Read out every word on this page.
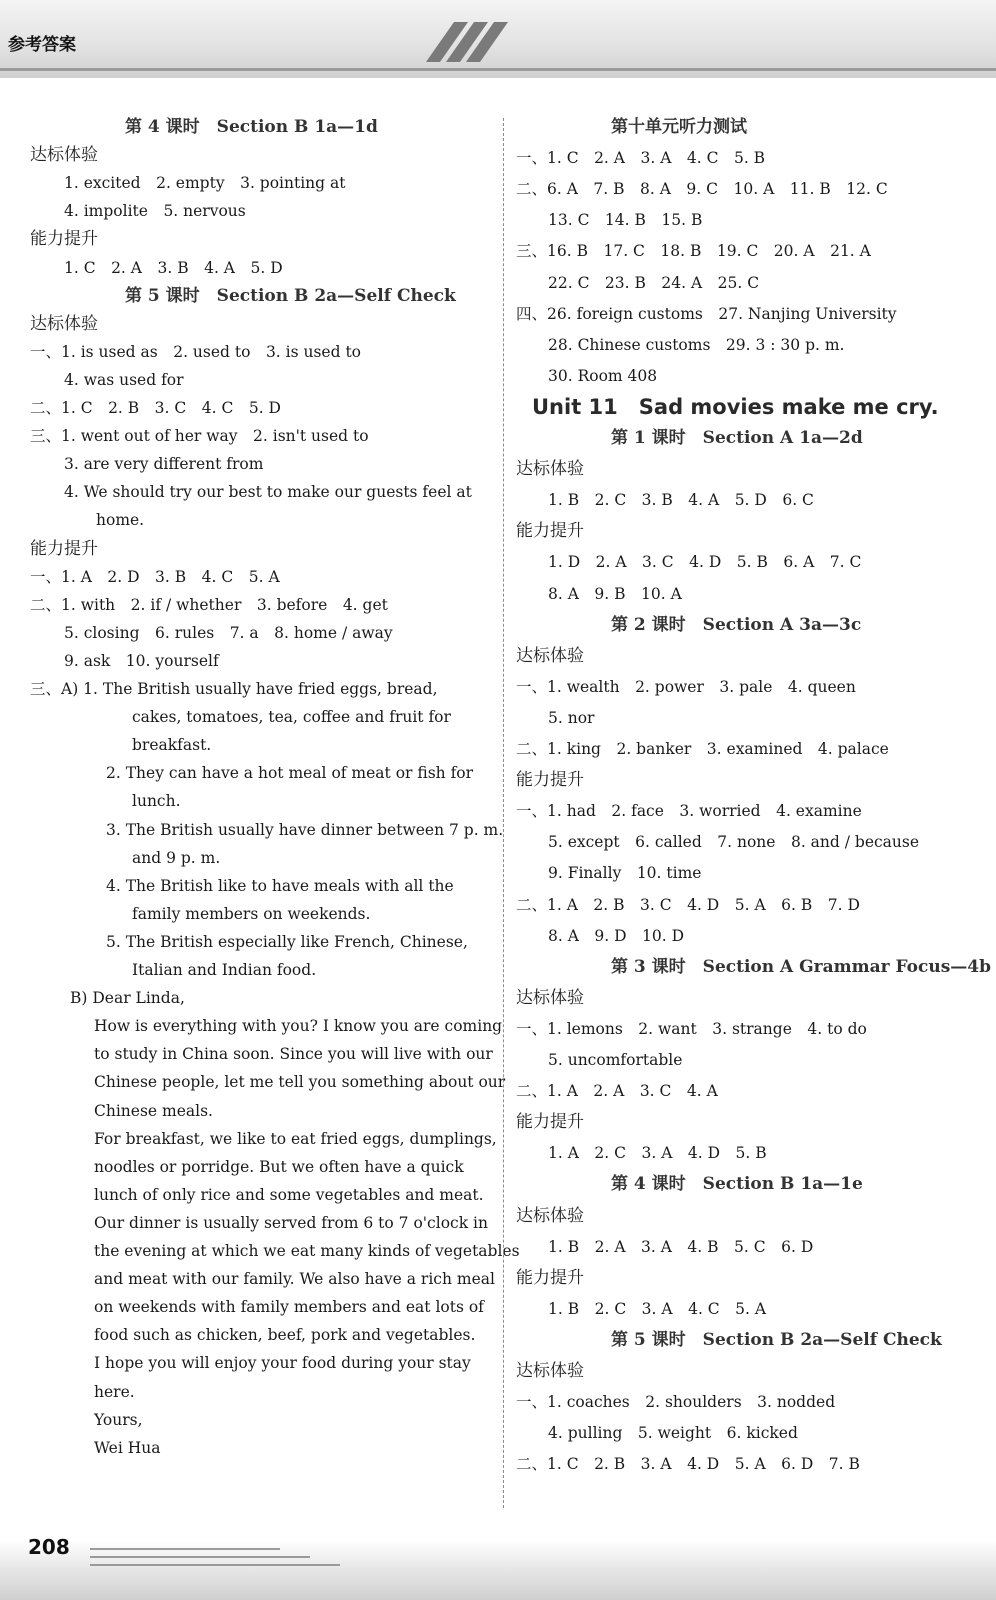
参考答案
第 4 课时　Section B 1a—1d
达标体验
1. excited　2. empty　3. pointing at
4. impolite　5. nervous
能力提升
1. C　2. A　3. B　4. A　5. D
第 5 课时　Section B 2a—Self Check
达标体验
一、1. is used as　2. used to　3. is used to
4. was used for
二、1. C　2. B　3. C　4. C　5. D
三、1. went out of her way　2. isn't used to
3. are very different from
4. We should try our best to make our guests feel at
home.
能力提升
一、1. A　2. D　3. B　4. C　5. A
二、1. with　2. if / whether　3. before　4. get
5. closing　6. rules　7. a　8. home / away
9. ask　10. yourself
三、A) 1. The British usually have fried eggs, bread,
cakes, tomatoes, tea, coffee and fruit for
breakfast.
2. They can have a hot meal of meat or fish for
lunch.
3. The British usually have dinner between 7 p. m.
and 9 p. m.
4. The British like to have meals with all the
family members on weekends.
5. The British especially like French, Chinese,
Italian and Indian food.
B) Dear Linda,
How is everything with you? I know you are coming
to study in China soon. Since you will live with our
Chinese people, let me tell you something about our
Chinese meals.
For breakfast, we like to eat fried eggs, dumplings,
noodles or porridge. But we often have a quick
lunch of only rice and some vegetables and meat.
Our dinner is usually served from 6 to 7 o'clock in
the evening at which we eat many kinds of vegetables
and meat with our family. We also have a rich meal
on weekends with family members and eat lots of
food such as chicken, beef, pork and vegetables.
I hope you will enjoy your food during your stay
here.
Yours,
Wei Hua
第十单元听力测试
一、1. C　2. A　3. A　4. C　5. B
二、6. A　7. B　8. A　9. C　10. A　11. B　12. C
13. C　14. B　15. B
三、16. B　17. C　18. B　19. C　20. A　21. A
22. C　23. B　24. A　25. C
四、26. foreign customs　27. Nanjing University
28. Chinese customs　29. 3 : 30 p. m.
30. Room 408
Unit 11　Sad movies make me cry.
第 1 课时　Section A 1a—2d
达标体验
1. B　2. C　3. B　4. A　5. D　6. C
能力提升
1. D　2. A　3. C　4. D　5. B　6. A　7. C
8. A　9. B　10. A
第 2 课时　Section A 3a—3c
达标体验
一、1. wealth　2. power　3. pale　4. queen
5. nor
二、1. king　2. banker　3. examined　4. palace
能力提升
一、1. had　2. face　3. worried　4. examine
5. except　6. called　7. none　8. and / because
9. Finally　10. time
二、1. A　2. B　3. C　4. D　5. A　6. B　7. D
8. A　9. D　10. D
第 3 课时　Section A Grammar Focus—4b
达标体验
一、1. lemons　2. want　3. strange　4. to do
5. uncomfortable
二、1. A　2. A　3. C　4. A
能力提升
1. A　2. C　3. A　4. D　5. B
第 4 课时　Section B 1a—1e
达标体验
1. B　2. A　3. A　4. B　5. C　6. D
能力提升
1. B　2. C　3. A　4. C　5. A
第 5 课时　Section B 2a—Self Check
达标体验
一、1. coaches　2. shoulders　3. nodded
4. pulling　5. weight　6. kicked
二、1. C　2. B　3. A　4. D　5. A　6. D　7. B
208
